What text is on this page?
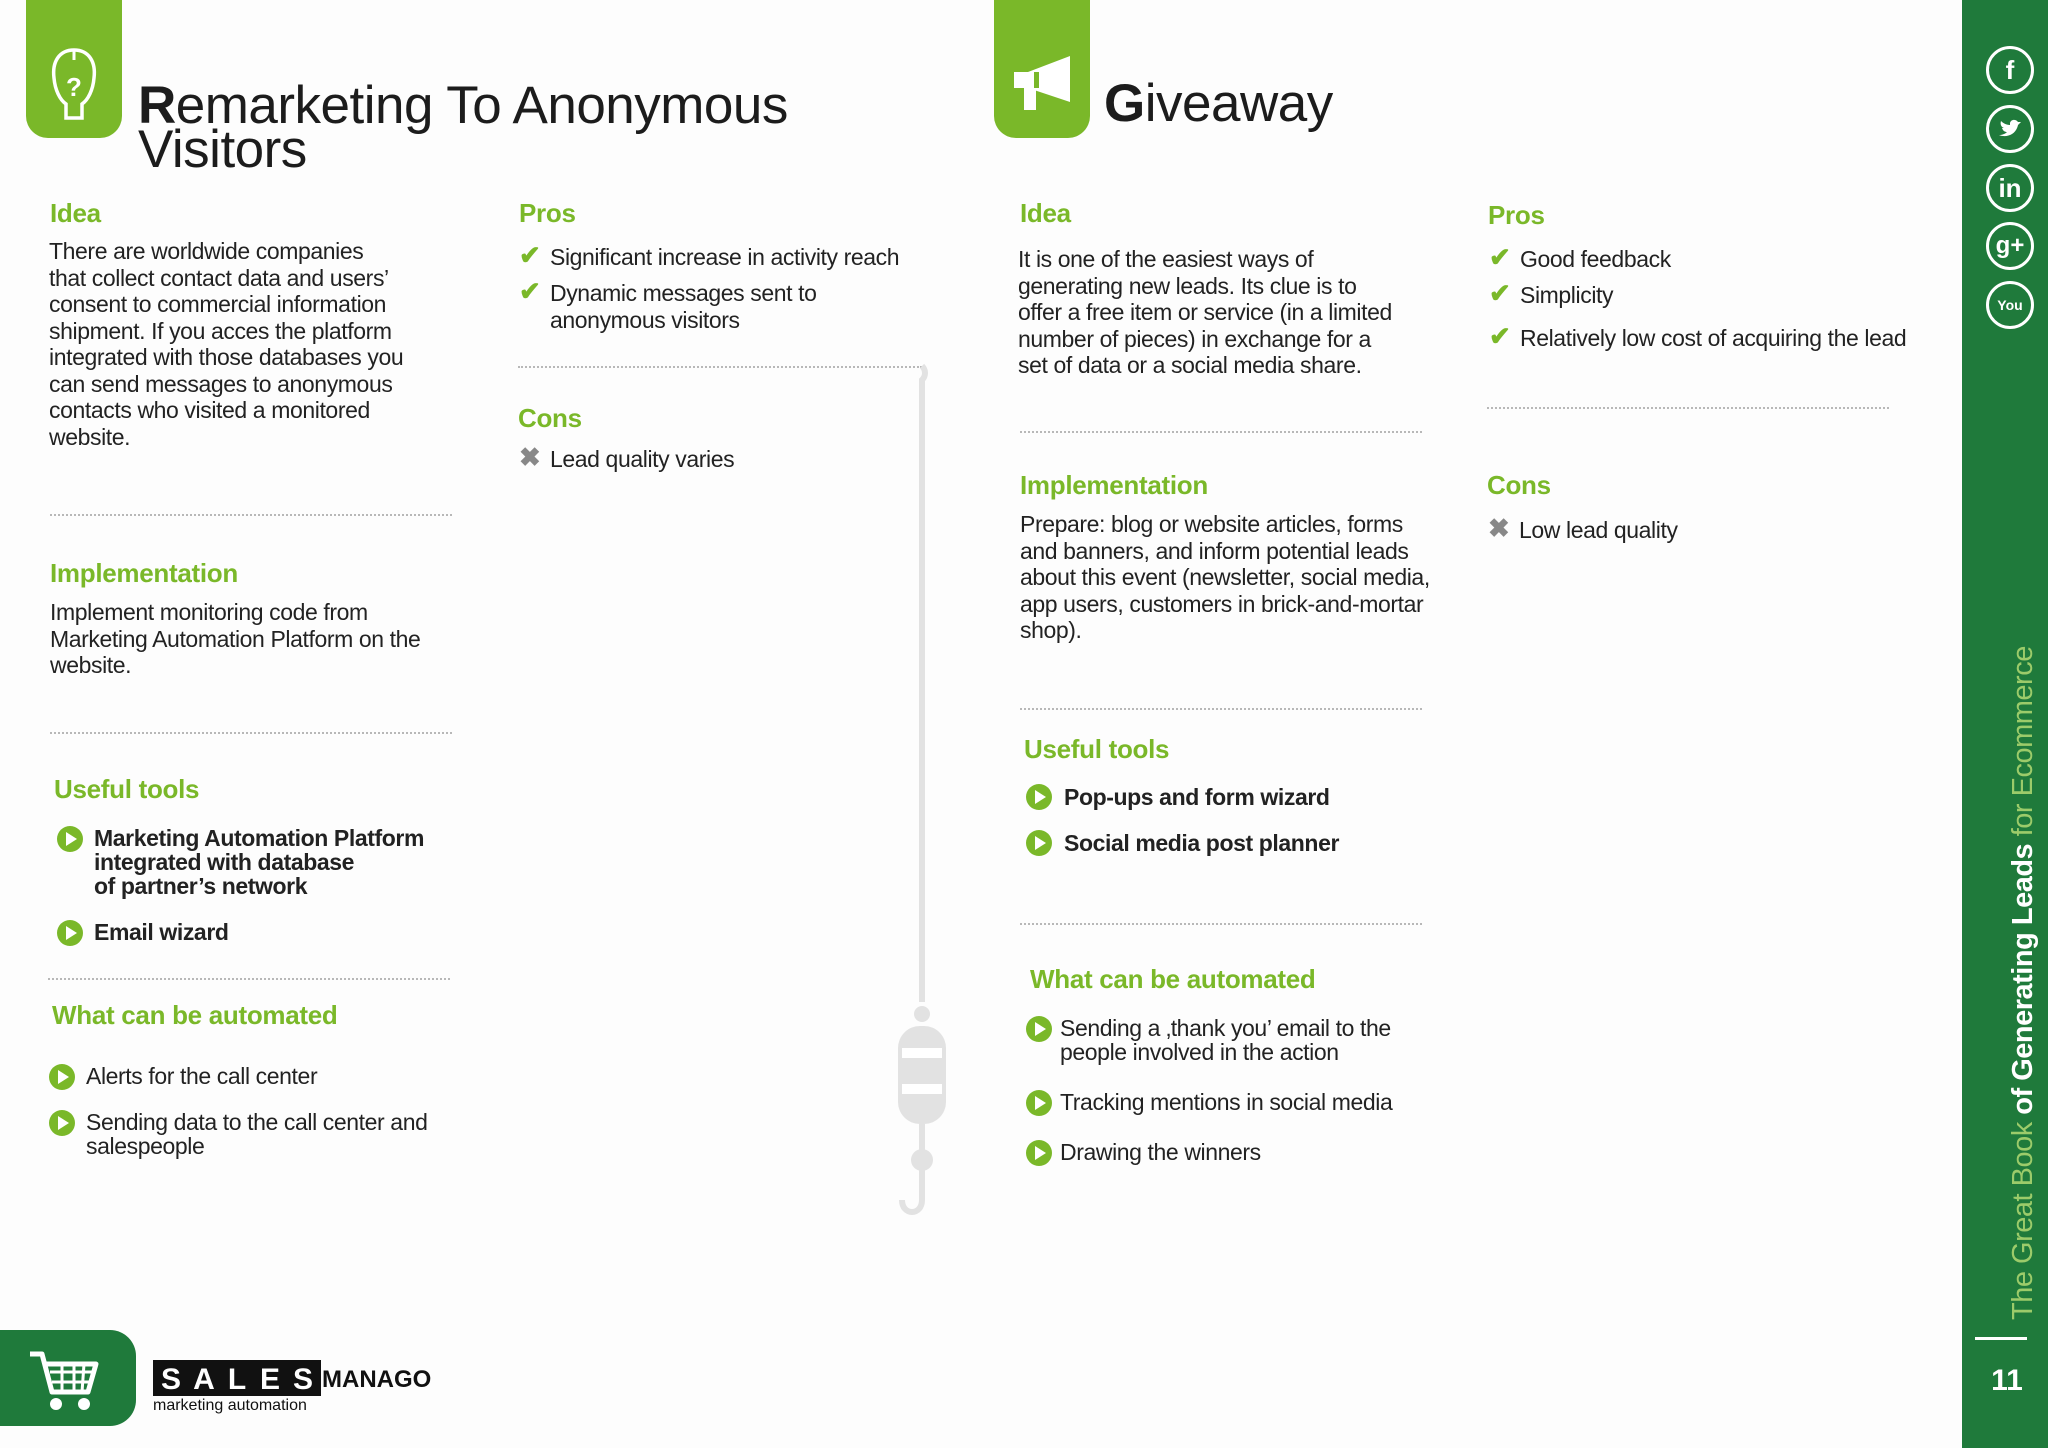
? Remarketing To Anonymous
Visitors
Giveaway
Idea
There are worldwide companies
that collect contact data and users’
consent to commercial information
shipment. If you acces the platform
integrated with those databases you
can send messages to anonymous
contacts who visited a monitored
website.
Implementation
Implement monitoring code from
Marketing Automation Platform on the
website.
Useful tools
Marketing Automation Platform
integrated with database
of partner’s network
Email wizard
What can be automated
Alerts for the call center
Sending data to the call center and
salespeople
Pros
✔ Significant increase in activity reach
✔ Dynamic messages sent to
anonymous visitors
Cons
✖ Lead quality varies
Idea
It is one of the easiest ways of
generating new leads. Its clue is to
offer a free item or service (in a limited
number of pieces) in exchange for a
set of data or a social media share.
Implementation
Prepare: blog or website articles, forms
and banners, and inform potential leads
about this event (newsletter, social media,
app users, customers in brick-and-mortar
shop).
Useful tools
Pop-ups and form wizard
Social media post planner
What can be automated
Sending a ‚thank you’ email to the
people involved in the action
Tracking mentions in social media
Drawing the winners
Pros
✔ Good feedback
✔ Simplicity
✔ Relatively low cost of acquiring the lead
Cons
✖ Low lead quality
f
in
g+
You
The Great Book of Generating Leads for Ecommerce
11
S A L E S MANAGO
marketing automation
